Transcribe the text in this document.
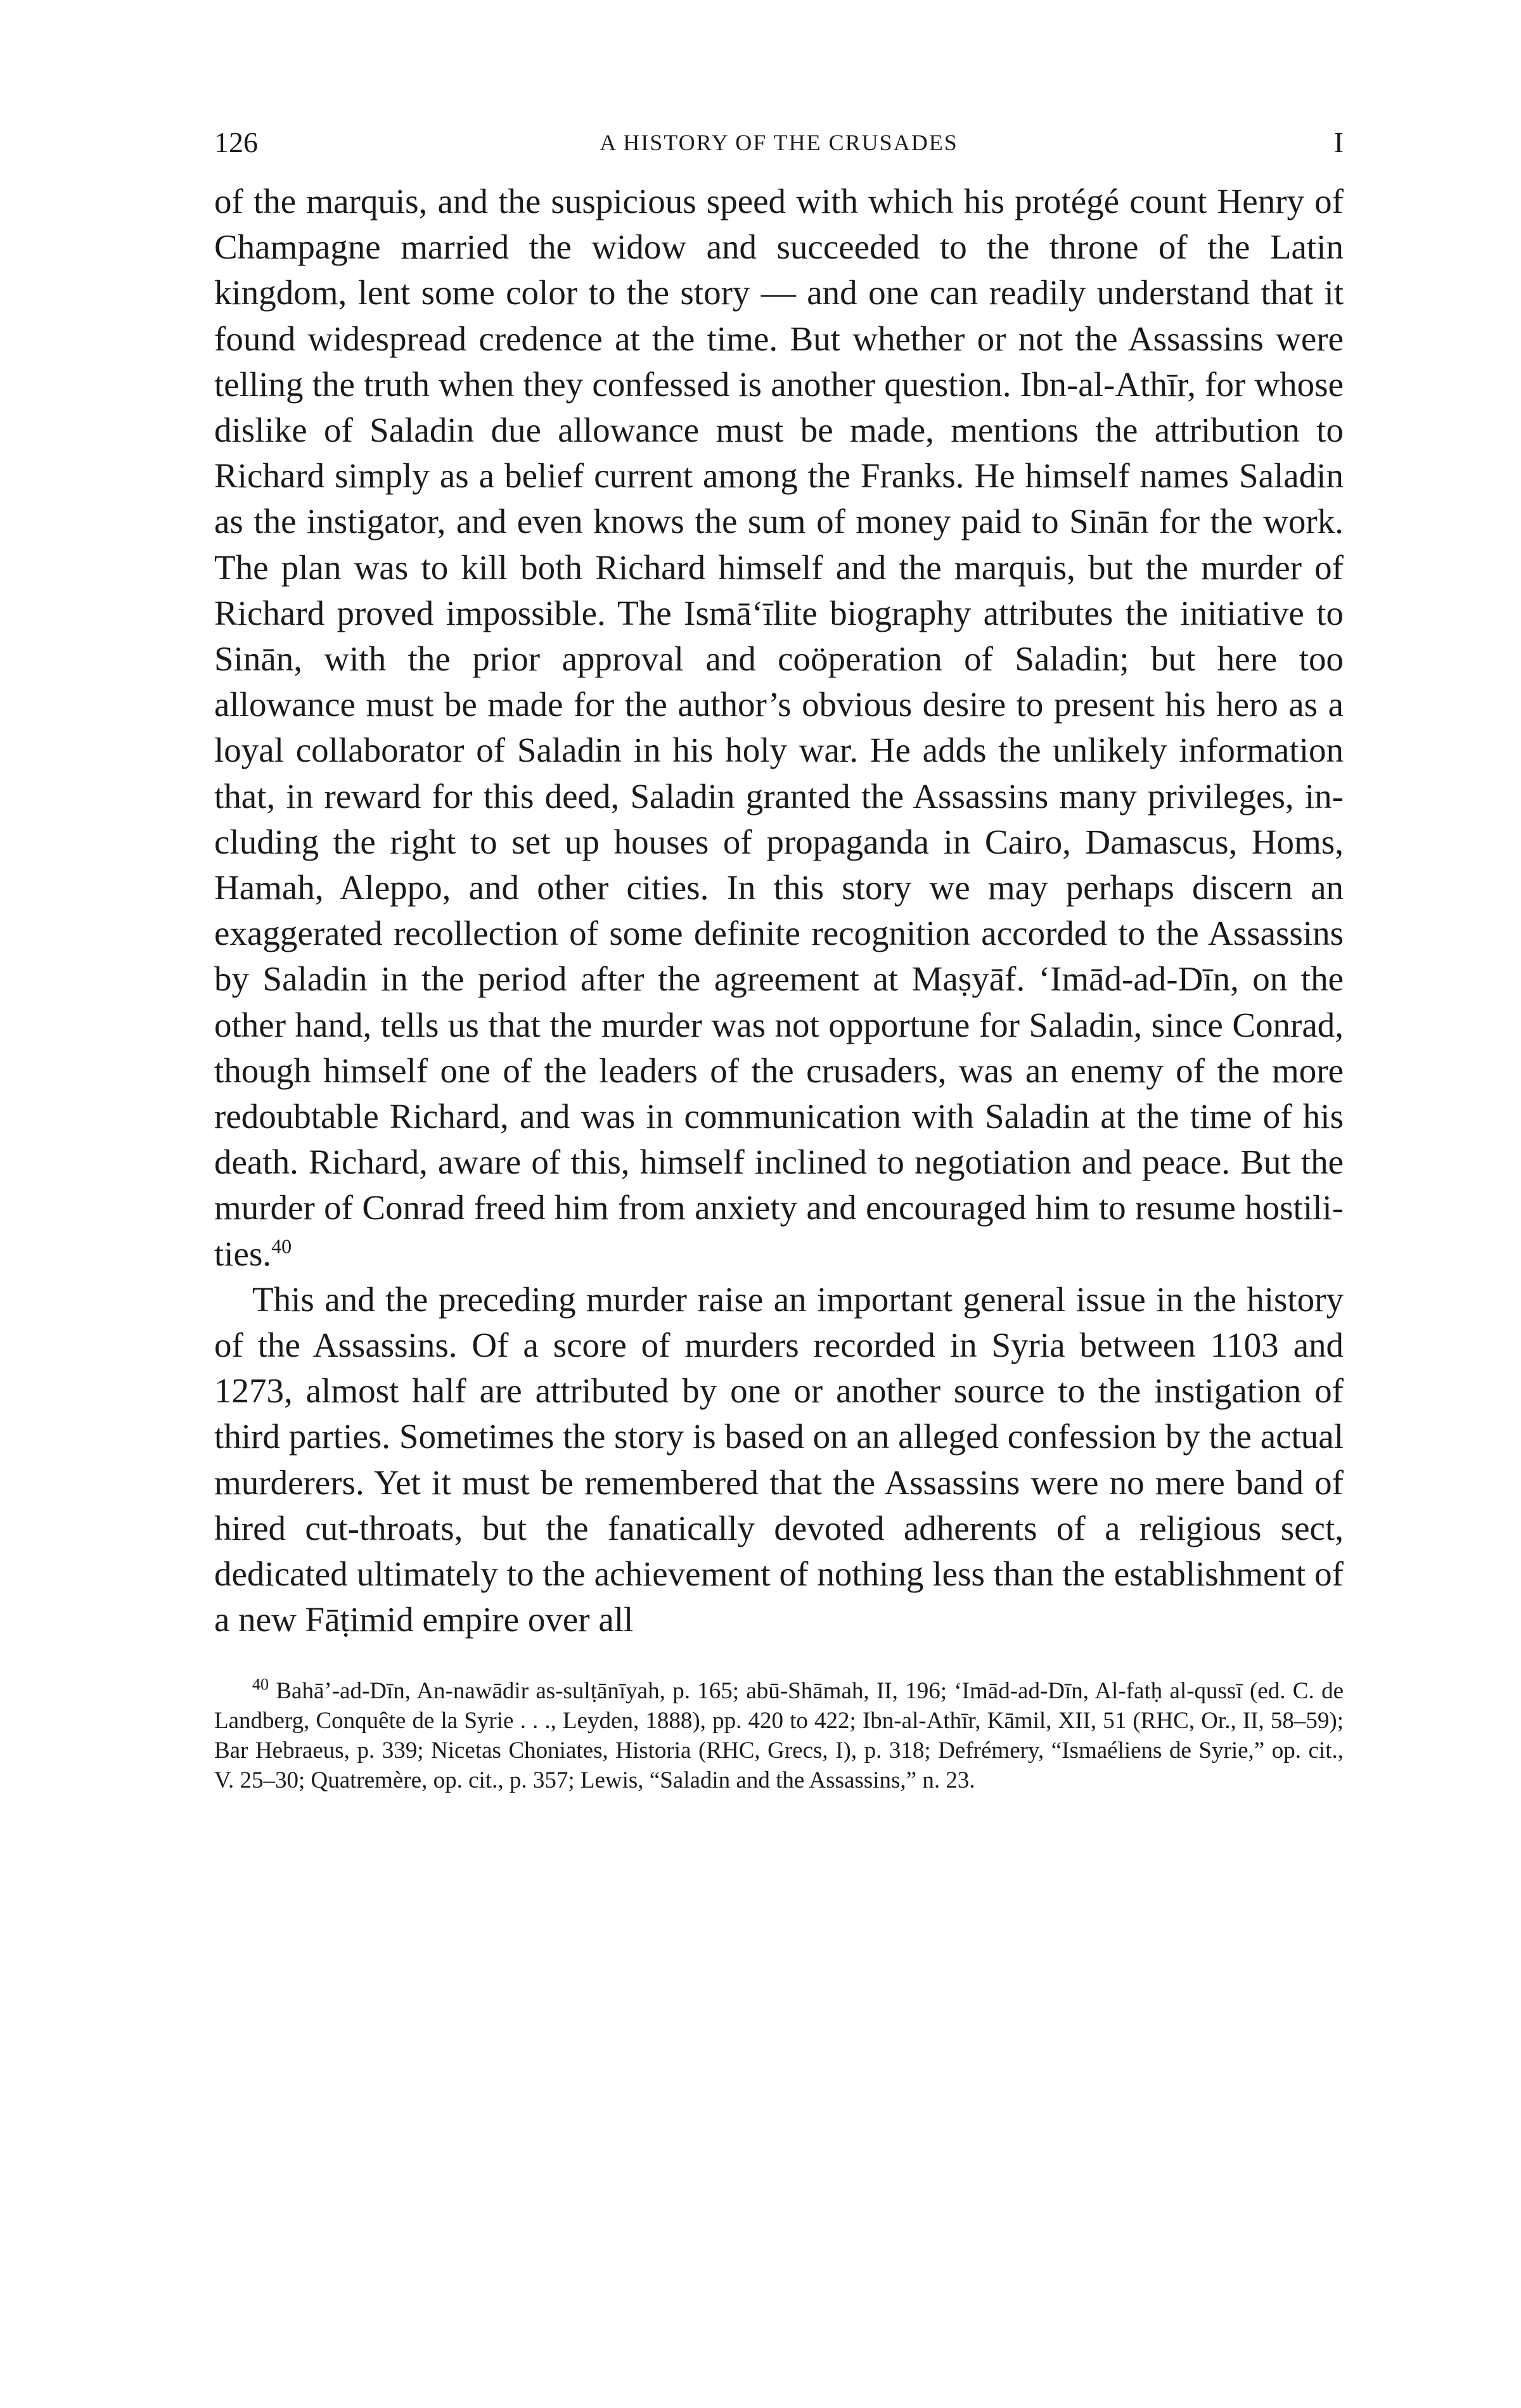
126	A HISTORY OF THE CRUSADES	I

of the marquis, and the suspicious speed with which his protégé count Henry of Champagne married the widow and succeeded to the throne of the Latin kingdom, lent some color to the story — and one can readily understand that it found widespread credence at the time. But whether or not the Assassins were telling the truth when they confessed is another question. Ibn-al-Athīr, for whose dislike of Saladin due allowance must be made, mentions the attribution to Richard simply as a belief current among the Franks. He himself names Saladin as the instigator, and even knows the sum of money paid to Sinān for the work. The plan was to kill both Richard himself and the marquis, but the murder of Richard proved impossible. The Ismā‘īlite biography attributes the initiative to Sinān, with the prior approval and coöperation of Saladin; but here too allowance must be made for the author’s obvious desire to present his hero as a loyal collaborator of Saladin in his holy war. He adds the unlikely information that, in reward for this deed, Saladin granted the Assassins many privileges, including the right to set up houses of propaganda in Cairo, Damascus, Homs, Hamah, Aleppo, and other cities. In this story we may perhaps discern an exaggerated recollection of some definite recognition accorded to the Assassins by Saladin in the period after the agreement at Maṣyāf. ‘Imād-ad-Dīn, on the other hand, tells us that the murder was not opportune for Saladin, since Conrad, though himself one of the leaders of the crusaders, was an enemy of the more redoubtable Richard, and was in communication with Saladin at the time of his death. Richard, aware of this, himself inclined to negotiation and peace. But the murder of Conrad freed him from anxiety and encouraged him to resume hostilities.$^{40}$

This and the preceding murder raise an important general issue in the history of the Assassins. Of a score of murders recorded in Syria between 1103 and 1273, almost half are attributed by one or another source to the instigation of third parties. Sometimes the story is based on an alleged confession by the actual murderers. Yet it must be remembered that the Assassins were no mere band of hired cut-throats, but the fanatically devoted adherents of a religious sect, dedicated ultimately to the achievement of nothing less than the establishment of a new Fāṭimid empire over all

$^{40}$ Bahā’-ad-Dīn, An-nawādir as-sulṭānīyah, p. 165; abū-Shāmah, II, 196; ‘Imād-ad-Dīn, Al-fatḥ al-qussī (ed. C. de Landberg, Conquête de la Syrie . . ., Leyden, 1888), pp. 420 to 422; Ibn-al-Athīr, Kāmil, XII, 51 (RHC, Or., II, 58–59); Bar Hebraeus, p. 339; Nicetas Choniates, Historia (RHC, Grecs, I), p. 318; Defrémery, “Ismaéliens de Syrie,” op. cit., V. 25–30; Quatremère, op. cit., p. 357; Lewis, “Saladin and the Assassins,” n. 23.
